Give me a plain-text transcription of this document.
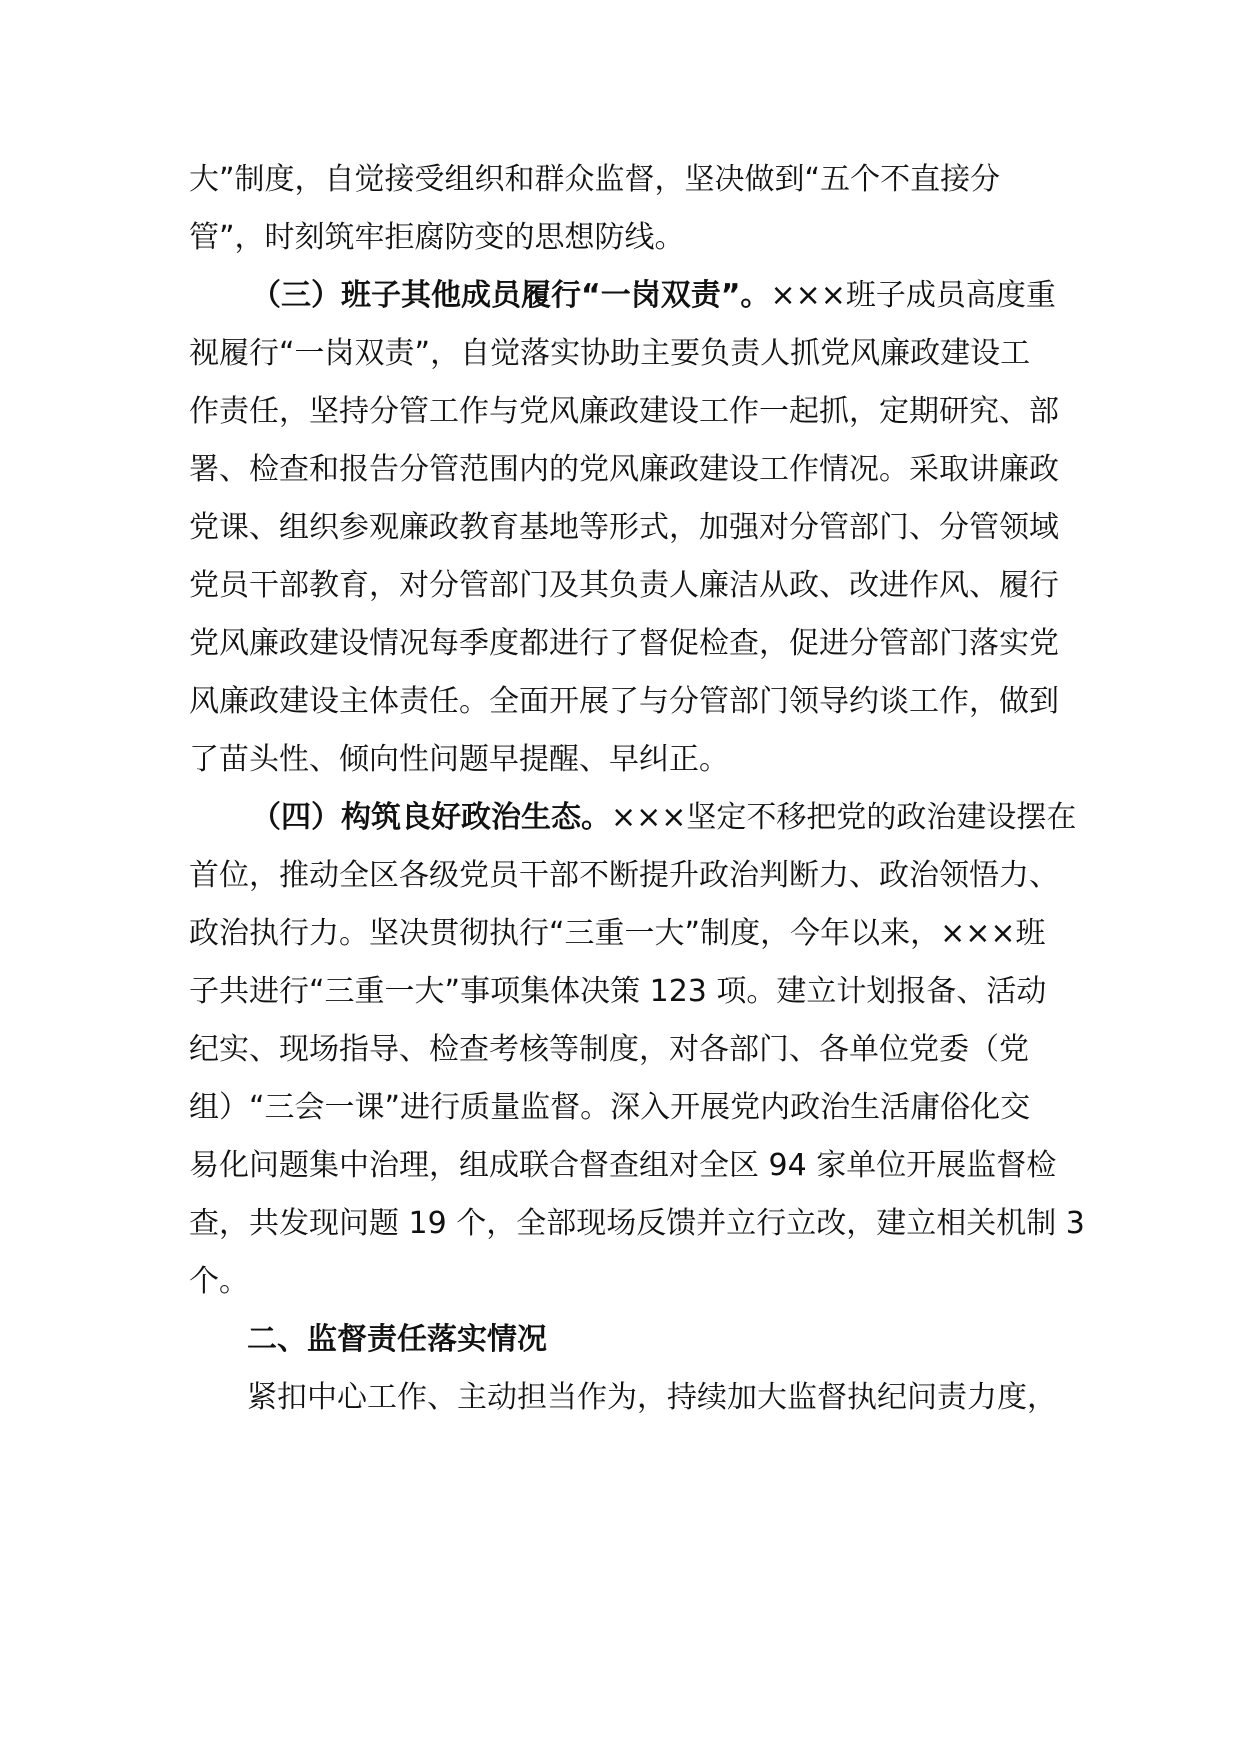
大”制度，自觉接受组织和群众监督，坚决做到“五个不直接分
管”，时刻筑牢拒腐防变的思想防线。
（三）班子其他成员履行“一岗双责”。×××班子成员高度重
视履行“一岗双责”，自觉落实协助主要负责人抓党风廉政建设工
作责任，坚持分管工作与党风廉政建设工作一起抓，定期研究、部
署、检查和报告分管范围内的党风廉政建设工作情况。采取讲廉政
党课、组织参观廉政教育基地等形式，加强对分管部门、分管领域
党员干部教育，对分管部门及其负责人廉洁从政、改进作风、履行
党风廉政建设情况每季度都进行了督促检查，促进分管部门落实党
风廉政建设主体责任。全面开展了与分管部门领导约谈工作，做到
了苗头性、倾向性问题早提醒、早纠正。
（四）构筑良好政治生态。×××坚定不移把党的政治建设摆在
首位，推动全区各级党员干部不断提升政治判断力、政治领悟力、
政治执行力。坚决贯彻执行“三重一大”制度，今年以来，×××班
子共进行“三重一大”事项集体决策 123 项。建立计划报备、活动
纪实、现场指导、检查考核等制度，对各部门、各单位党委（党
组）“三会一课”进行质量监督。深入开展党内政治生活庸俗化交
易化问题集中治理，组成联合督查组对全区 94 家单位开展监督检
查，共发现问题 19 个，全部现场反馈并立行立改，建立相关机制 3
个。
二、监督责任落实情况
紧扣中心工作、主动担当作为，持续加大监督执纪问责力度，
